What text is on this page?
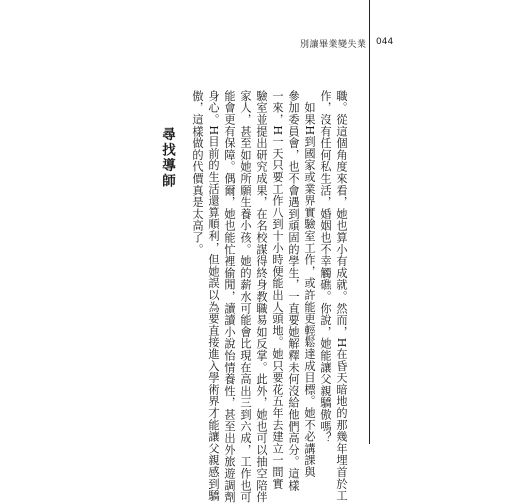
別讓畢業變失業 044
尋找導師	職。從這個角度來看，她也算小有成就。然而，H在昏天暗地的那幾年埋首於工
作，沒有任何私生活，婚姻也不幸觸礁。你說，她能讓父親驕傲嗎？
　如果H到國家或業界實驗室工作，或許能更輕鬆達成目標。她不必講課與
參加委員會，也不會遇到頑固的學生，一直要她解釋未何沒給他們高分。這樣
一來，H一天只要工作八到十小時便能出人頭地。她只要花五年去建立一間實
驗室並提出研究成果，在名校謀得終身教職易如反掌。此外，她也可以抽空陪伴
家人，甚至如她所願生養小孩。她的薪水可能會比現在高出三到六成，工作也可
能會更有保障。偶爾，她也能忙裡偷閒，讀讀小說怡情養性，甚至出外旅遊調劑
身心。H目前的生活還算順利，但她誤以為要直接進入學術界才能讓父親感到驕
傲，這樣做的代價真是太高了。
